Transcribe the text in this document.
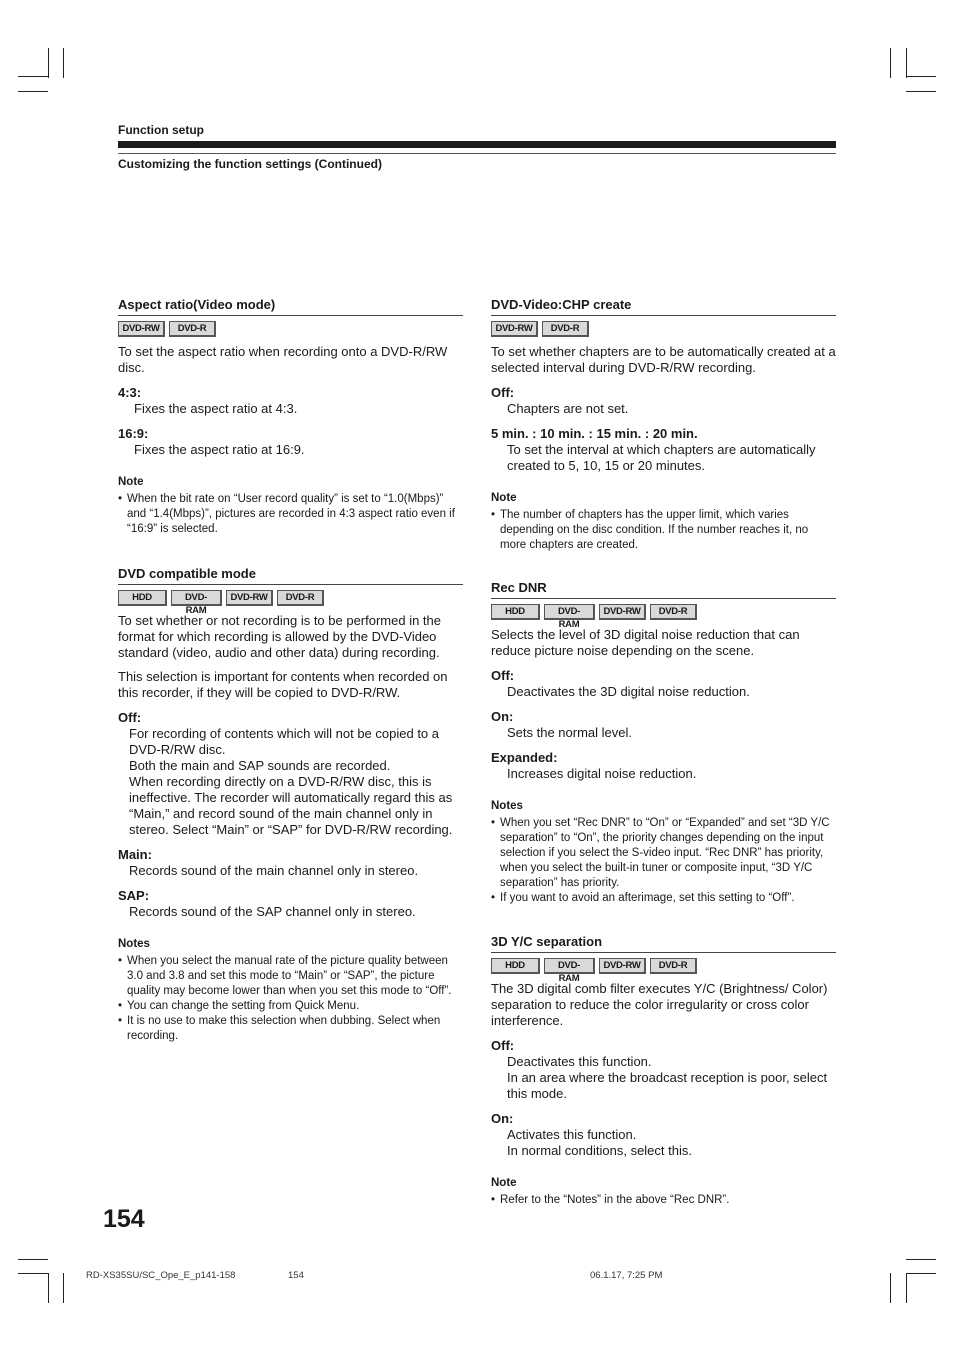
Function setup
Customizing the function settings (Continued)
Aspect ratio(Video mode)
DVD-RW	DVD-R
To set the aspect ratio when recording onto a DVD-R/RW disc.
4:3:
Fixes the aspect ratio at 4:3.
16:9:
Fixes the aspect ratio at 16:9.
Note
• When the bit rate on “User record quality” is set to “1.0(Mbps)” and “1.4(Mbps)”, pictures are recorded in 4:3 aspect ratio even if “16:9” is selected.
DVD compatible mode
HDD	DVD-RAM
DVD-RW	DVD-R
To set whether or not recording is to be performed in the format for which recording is allowed by the DVD-Video standard (video, audio and other data) during recording.
This selection is important for contents when recorded on this recorder, if they will be copied to DVD-R/RW.
Off:
For recording of contents which will not be copied to a DVD-R/RW disc.
Both the main and SAP sounds are recorded.
When recording directly on a DVD-R/RW disc, this is ineffective. The recorder will automatically regard this as “Main,” and record sound of the main channel only in stereo. Select “Main” or “SAP” for DVD-R/RW recording.
Main:
Records sound of the main channel only in stereo.
SAP:
Records sound of the SAP channel only in stereo.
Notes
• When you select the manual rate of the picture quality between 3.0 and 3.8 and set this mode to “Main” or “SAP”, the picture quality may become lower than when you set this mode to “Off”.
• You can change the setting from Quick Menu.
• It is no use to make this selection when dubbing. Select when recording.
DVD-Video:CHP create
DVD-RW	DVD-R
To set whether chapters are to be automatically created at a selected interval during DVD-R/RW recording.
Off:
Chapters are not set.
5 min. : 10 min. : 15 min. : 20 min.
To set the interval at which chapters are automatically created to 5, 10, 15 or 20 minutes.
Note
• The number of chapters has the upper limit, which varies depending on the disc condition. If the number reaches it, no more chapters are created.
Rec DNR
HDD	DVD-RAM
DVD-RW	DVD-R
Selects the level of 3D digital noise reduction that can reduce picture noise depending on the scene.
Off:
Deactivates the 3D digital noise reduction.
On:
Sets the normal level.
Expanded:
Increases digital noise reduction.
Notes
• When you set “Rec DNR” to “On” or “Expanded” and set “3D Y/C separation” to “On”, the priority changes depending on the input selection if you select the S-video input. “Rec DNR” has priority, when you select the built-in tuner or composite input, “3D Y/C separation” has priority.
• If you want to avoid an afterimage, set this setting to “Off”.
3D Y/C separation
HDD	DVD-RAM
DVD-RW	DVD-R
The 3D digital comb filter executes Y/C (Brightness/ Color) separation to reduce the color irregularity or cross color interference.
Off:
Deactivates this function.
In an area where the broadcast reception is poor, select this mode.
On:
Activates this function.
In normal conditions, select this.
Note
• Refer to the “Notes” in the above “Rec DNR”.
154
RD-XS35SU/SC_Ope_E_p141-158	154	06.1.17, 7:25 PM
